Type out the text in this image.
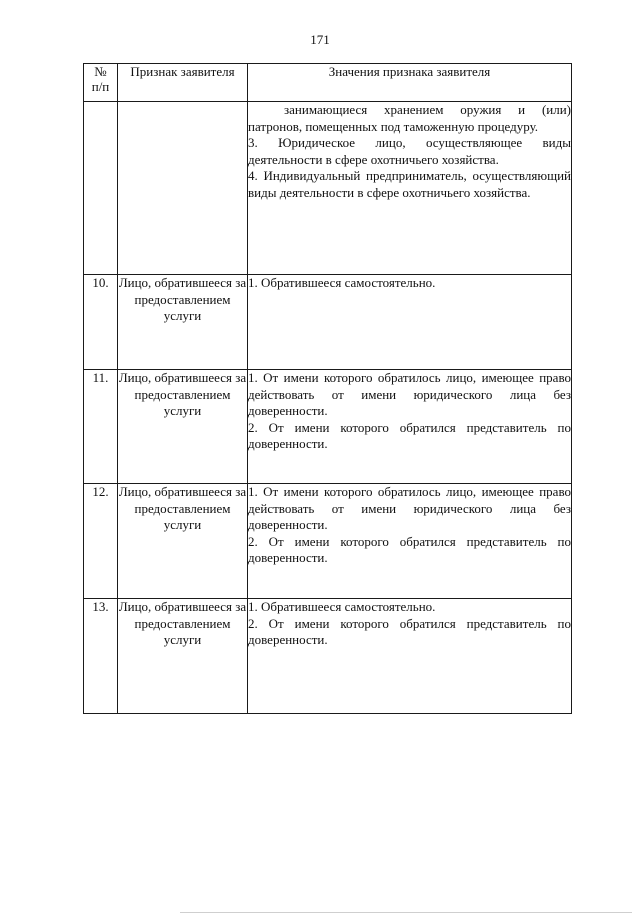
171
№
п/п	Признак заявителя	Значения признака заявителя

		занимающиеся хранением оружия и (или) патронов, помещенных под таможенную процедуру.
3. Юридическое лицо, осуществляющее виды деятельности в сфере охотничьего хозяйства.
4. Индивидуальный предприниматель, осуществляющий виды деятельности в сфере охотничьего хозяйства.

10.	Лицо, обратившееся за предоставлением услуги	1. Обратившееся самостоятельно.

11.	Лицо, обратившееся за предоставлением услуги	1. От имени которого обратилось лицо, имеющее право действовать от имени юридического лица без доверенности.
2. От имени которого обратился представитель по доверенности.

12.	Лицо, обратившееся за предоставлением услуги	1. От имени которого обратилось лицо, имеющее право действовать от имени юридического лица без доверенности.
2. От имени которого обратился представитель по доверенности.

13.	Лицо, обратившееся за предоставлением услуги	1. Обратившееся самостоятельно.
2. От имени которого обратился представитель по доверенности.
